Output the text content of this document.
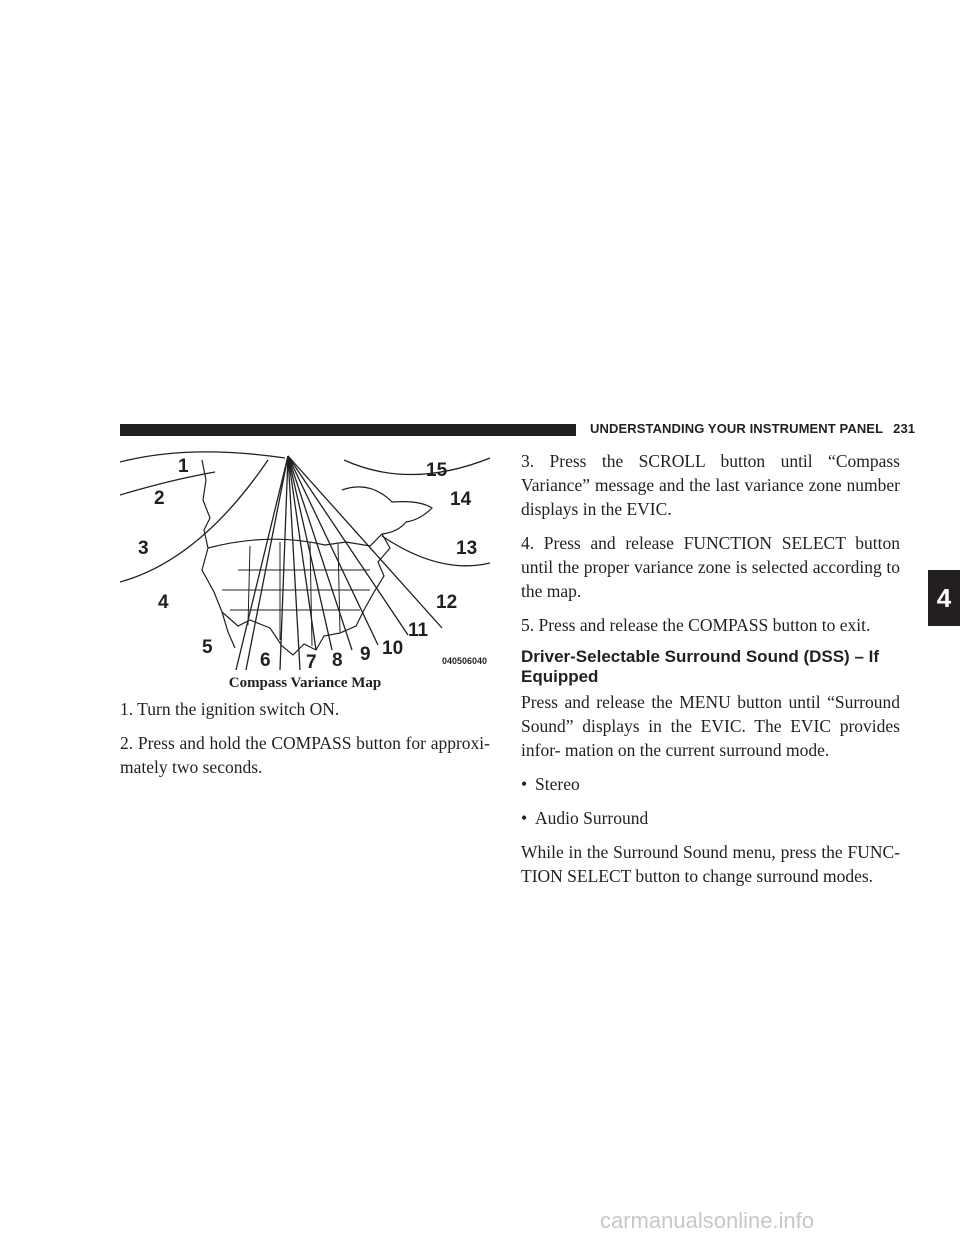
UNDERSTANDING YOUR INSTRUMENT PANEL 231
4
1
2
3
4
5
6 7 8 9 10
11
12
13
14
15
040506040
Compass Variance Map

1. Turn the ignition switch ON.

2. Press and hold the COMPASS button for approxi- mately two seconds.

3. Press the SCROLL button until “Compass Variance” message and the last variance zone number displays in the EVIC.

4. Press and release FUNCTION SELECT button until the proper variance zone is selected according to the map.

5. Press and release the COMPASS button to exit.

Driver-Selectable Surround Sound (DSS) – If Equipped

Press and release the MENU button until “Surround Sound” displays in the EVIC. The EVIC provides infor- mation on the current surround mode.

• Stereo
• Audio Surround

While in the Surround Sound menu, press the FUNC- TION SELECT button to change surround modes.

carmanualsonline.info
